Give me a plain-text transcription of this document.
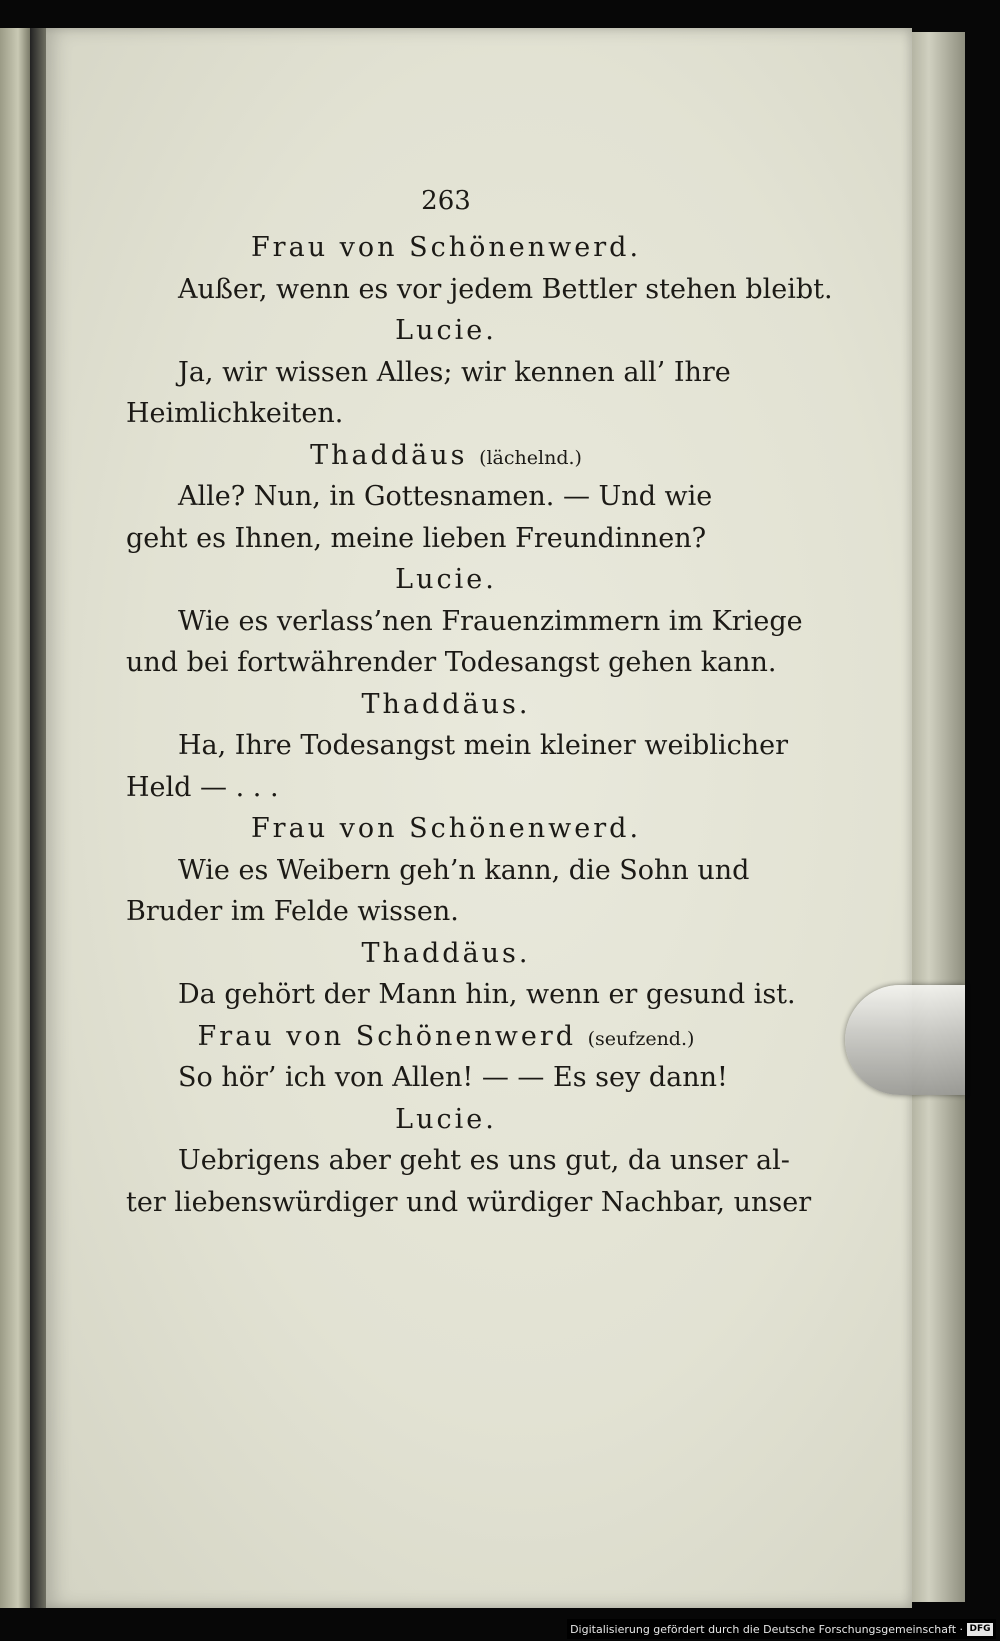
263
Frau von Schönenwerd.
Außer, wenn es vor jedem Bettler stehen bleibt.
Lucie.
Ja, wir wissen Alles; wir kennen all’ Ihre
Heimlichkeiten.
Thaddäus (lächelnd.)
Alle? Nun, in Gottesnamen. — Und wie
geht es Ihnen, meine lieben Freundinnen?
Lucie.
Wie es verlass’nen Frauenzimmern im Kriege
und bei fortwährender Todesangst gehen kann.
Thaddäus.
Ha, Ihre Todesangst mein kleiner weiblicher
Held — . . .
Frau von Schönenwerd.
Wie es Weibern geh’n kann, die Sohn und
Bruder im Felde wissen.
Thaddäus.
Da gehört der Mann hin, wenn er gesund ist.
Frau von Schönenwerd (seufzend.)
So hör’ ich von Allen! — — Es sey dann!
Lucie.
Uebrigens aber geht es uns gut, da unser al-
ter liebenswürdiger und würdiger Nachbar, unser
Digitalisierung gefördert durch die Deutsche Forschungsgemeinschaft · DFG
